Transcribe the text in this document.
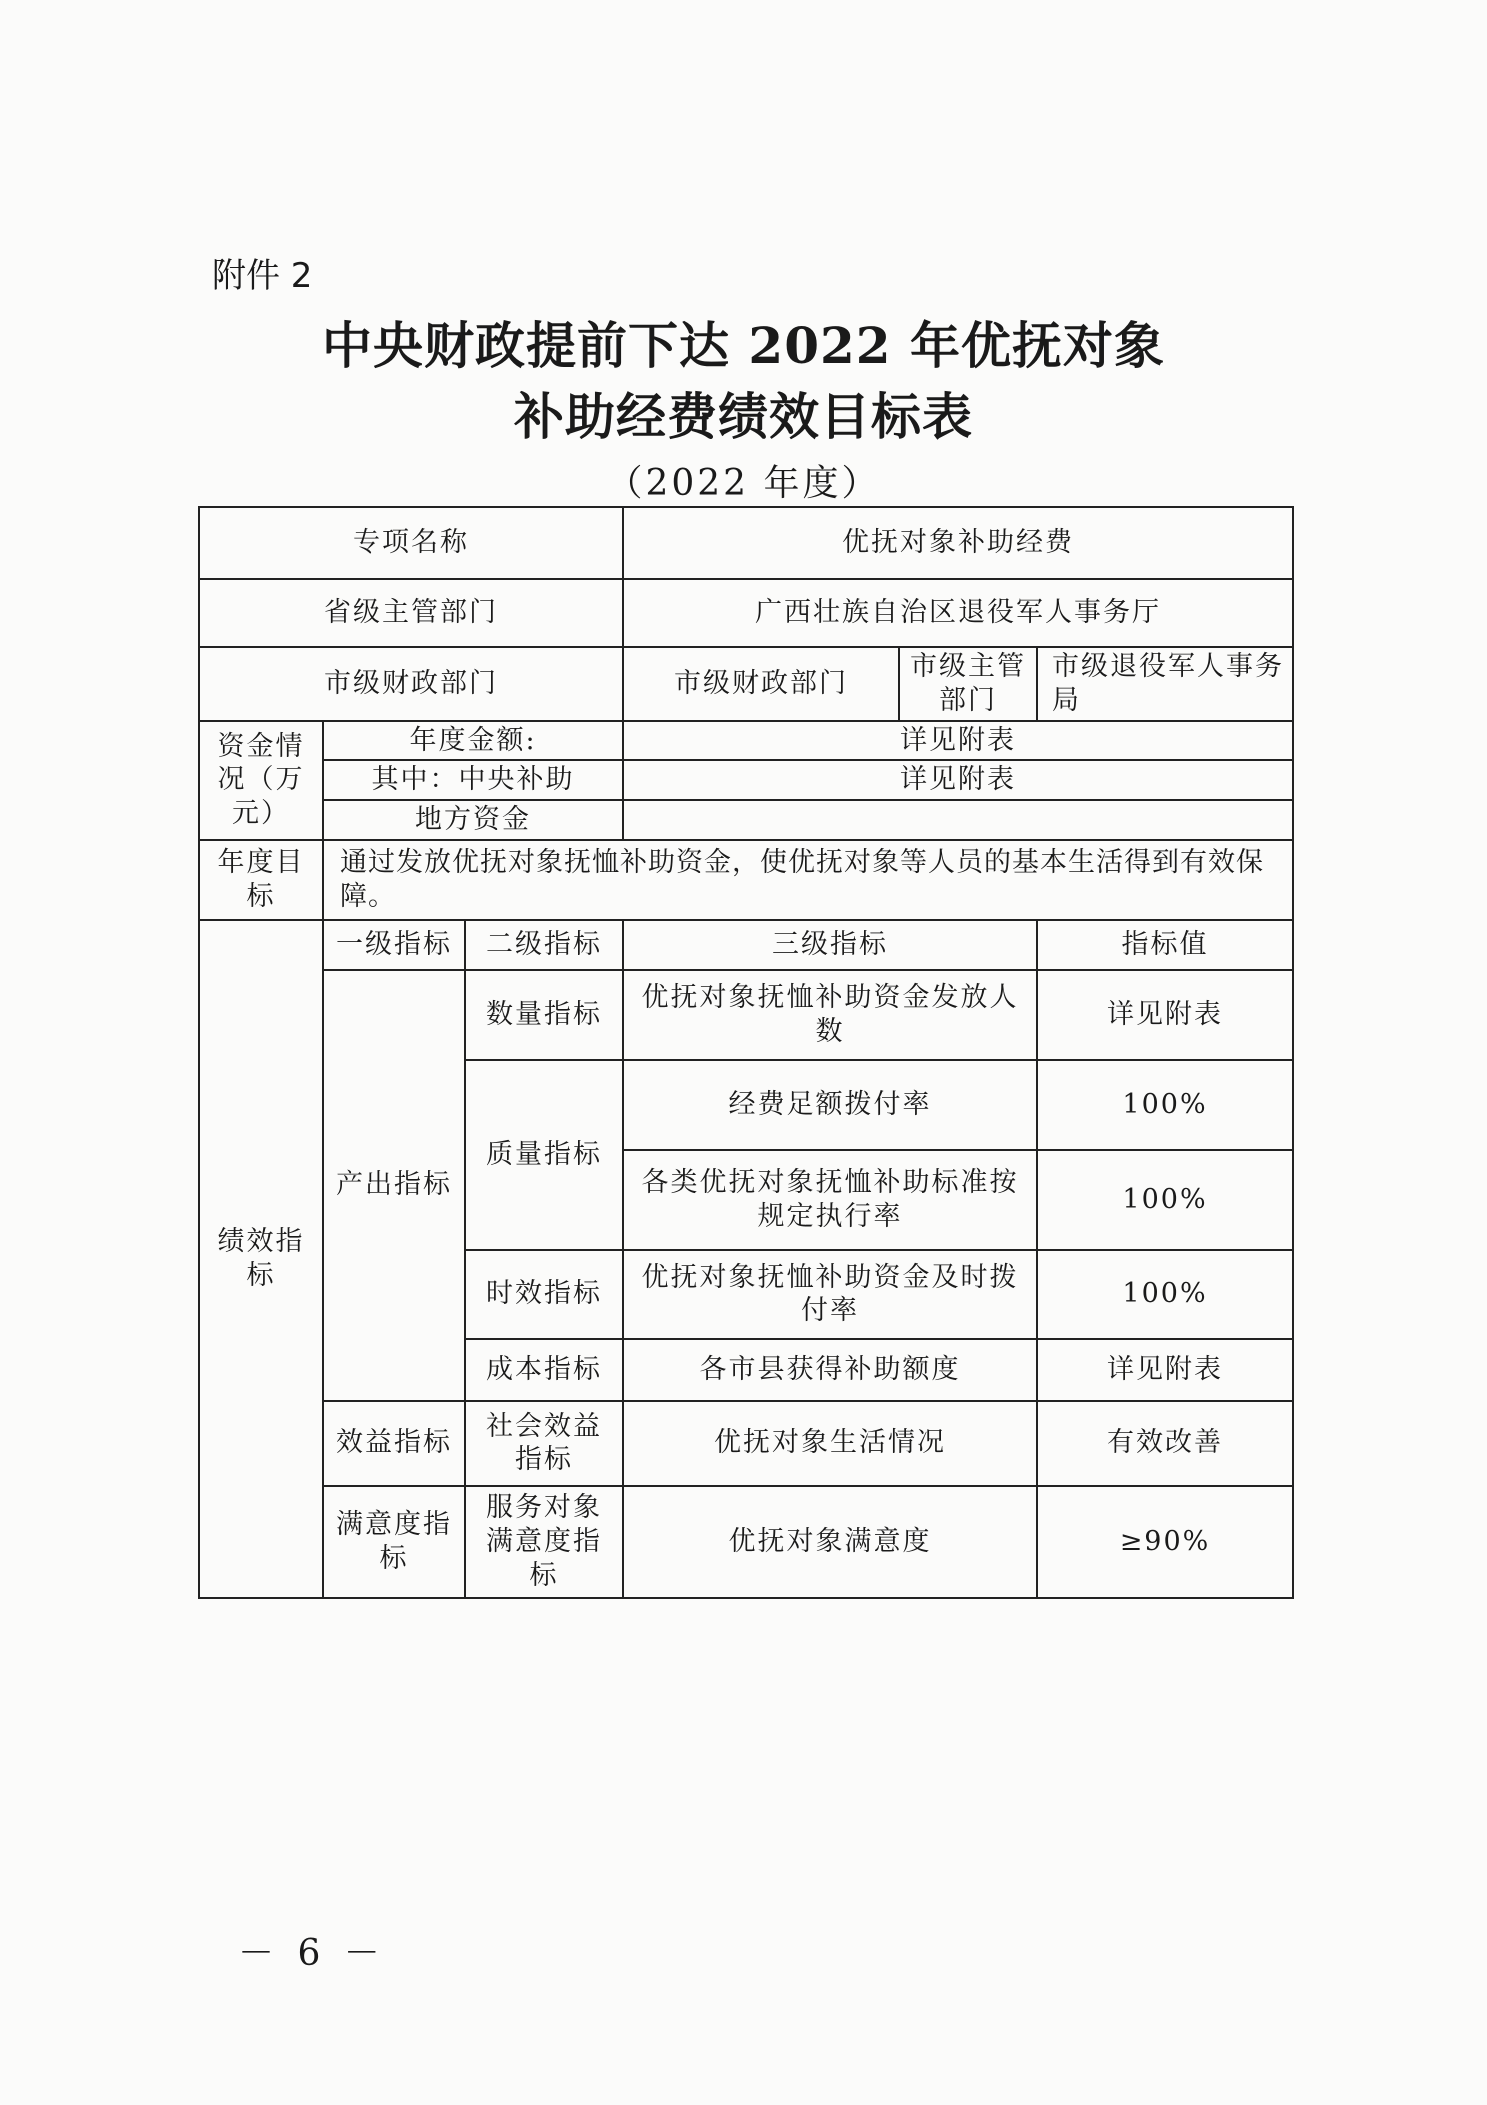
附件 2
中央财政提前下达 2022 年优抚对象
补助经费绩效目标表
（2022 年度）
专项名称			优抚对象补助经费		
省级主管部门			广西壮族自治区退役军人事务厅		
市级财政部门			市级财政部门	市级主管部门	市级退役军人事务局
资金情况（万元）	年度金额:		详见附表		
	其中：中央补助		详见附表		
	地方资金				
年度目标	通过发放优抚对象抚恤补助资金，使优抚对象等人员的基本生活得到有效保障。				
绩效指标	一级指标	二级指标	三级指标		指标值
	产出指标	数量指标	优抚对象抚恤补助资金发放人数		详见附表
		质量指标	经费足额拨付率		100%
			各类优抚对象抚恤补助标准按规定执行率		100%
		时效指标	优抚对象抚恤补助资金及时拨付率		100%
		成本指标	各市县获得补助额度		详见附表
	效益指标	社会效益指标	优抚对象生活情况		有效改善
	满意度指标	服务对象满意度指标	优抚对象满意度		≥90%
－ 6 －
